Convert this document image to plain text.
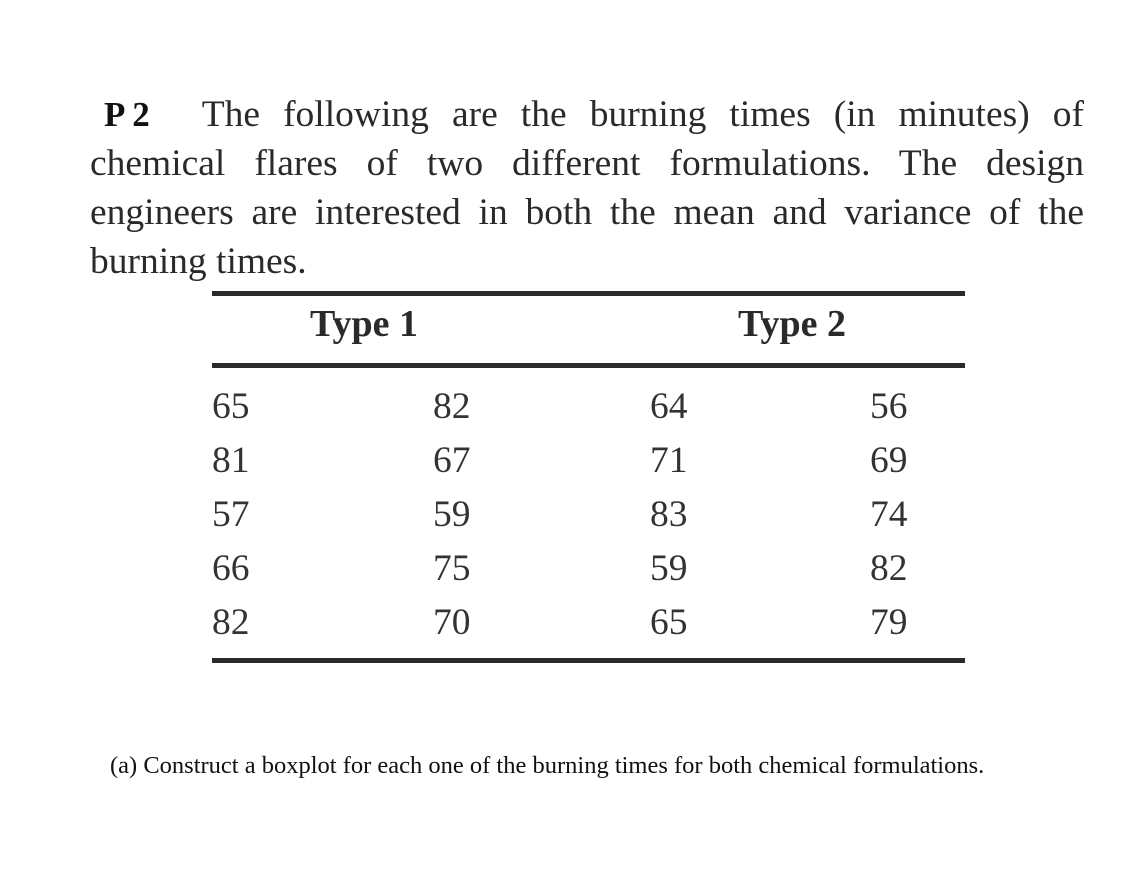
P 2 The following are the burning times (in minutes) of chemical flares of two different formulations. The design engineers are interested in both the mean and variance of the burning times.

Type 1	Type 2
65
81
57
66
82
82
67
59
75
70
64
71
83
59
65
56
69
74
82
79
(a) Construct a boxplot for each one of the burning times for both chemical formulations.
